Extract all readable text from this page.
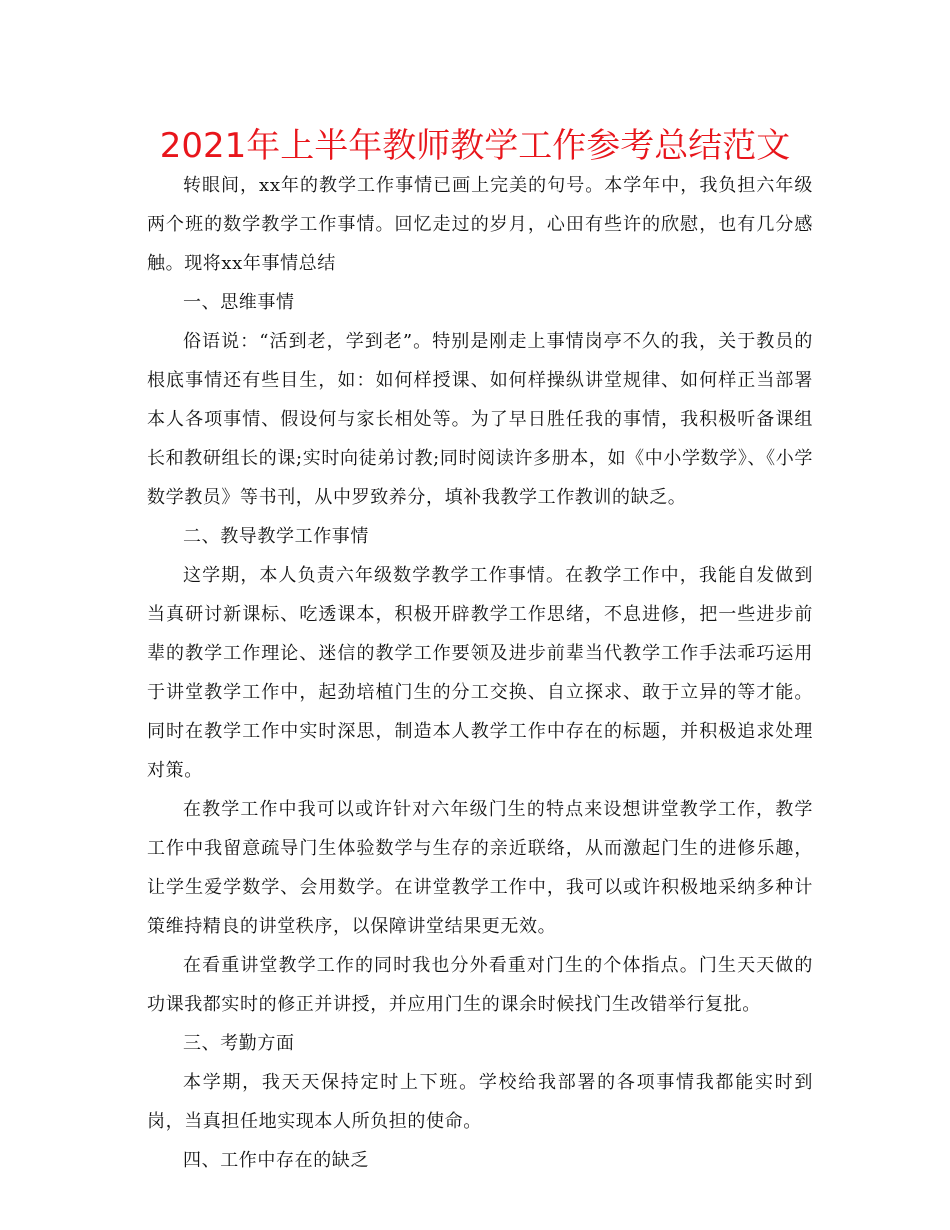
2021年上半年教师教学工作参考总结范文

转眼间，xx年的教学工作事情已画上完美的句号。本学年中，我负担六年级两个班的数学教学工作事情。回忆走过的岁月，心田有些许的欣慰，也有几分感触。现将xx年事情总结

一、思维事情

俗语说：“活到老，学到老”。特别是刚走上事情岗亭不久的我，关于教员的根底事情还有些目生，如：如何样授课、如何样操纵讲堂规律、如何样正当部署本人各项事情、假设何与家长相处等。为了早日胜任我的事情，我积极听备课组长和教研组长的课;实时向徒弟讨教;同时阅读许多册本，如《中小学数学》、《小学数学教员》等书刊，从中罗致养分，填补我教学工作教训的缺乏。

二、教导教学工作事情

这学期，本人负责六年级数学教学工作事情。在教学工作中，我能自发做到当真研讨新课标、吃透课本，积极开辟教学工作思绪，不息进修，把一些进步前辈的教学工作理论、迷信的教学工作要领及进步前辈当代教学工作手法乖巧运用于讲堂教学工作中，起劲培植门生的分工交换、自立探求、敢于立异的等才能。同时在教学工作中实时深思，制造本人教学工作中存在的标题，并积极追求处理对策。

在教学工作中我可以或许针对六年级门生的特点来设想讲堂教学工作，教学工作中我留意疏导门生体验数学与生存的亲近联络，从而激起门生的进修乐趣，让学生爱学数学、会用数学。在讲堂教学工作中，我可以或许积极地采纳多种计策维持精良的讲堂秩序，以保障讲堂结果更无效。

在看重讲堂教学工作的同时我也分外看重对门生的个体指点。门生天天做的功课我都实时的修正并讲授，并应用门生的课余时候找门生改错举行复批。

三、考勤方面

本学期，我天天保持定时上下班。学校给我部署的各项事情我都能实时到岗，当真担任地实现本人所负担的使命。

四、工作中存在的缺乏
